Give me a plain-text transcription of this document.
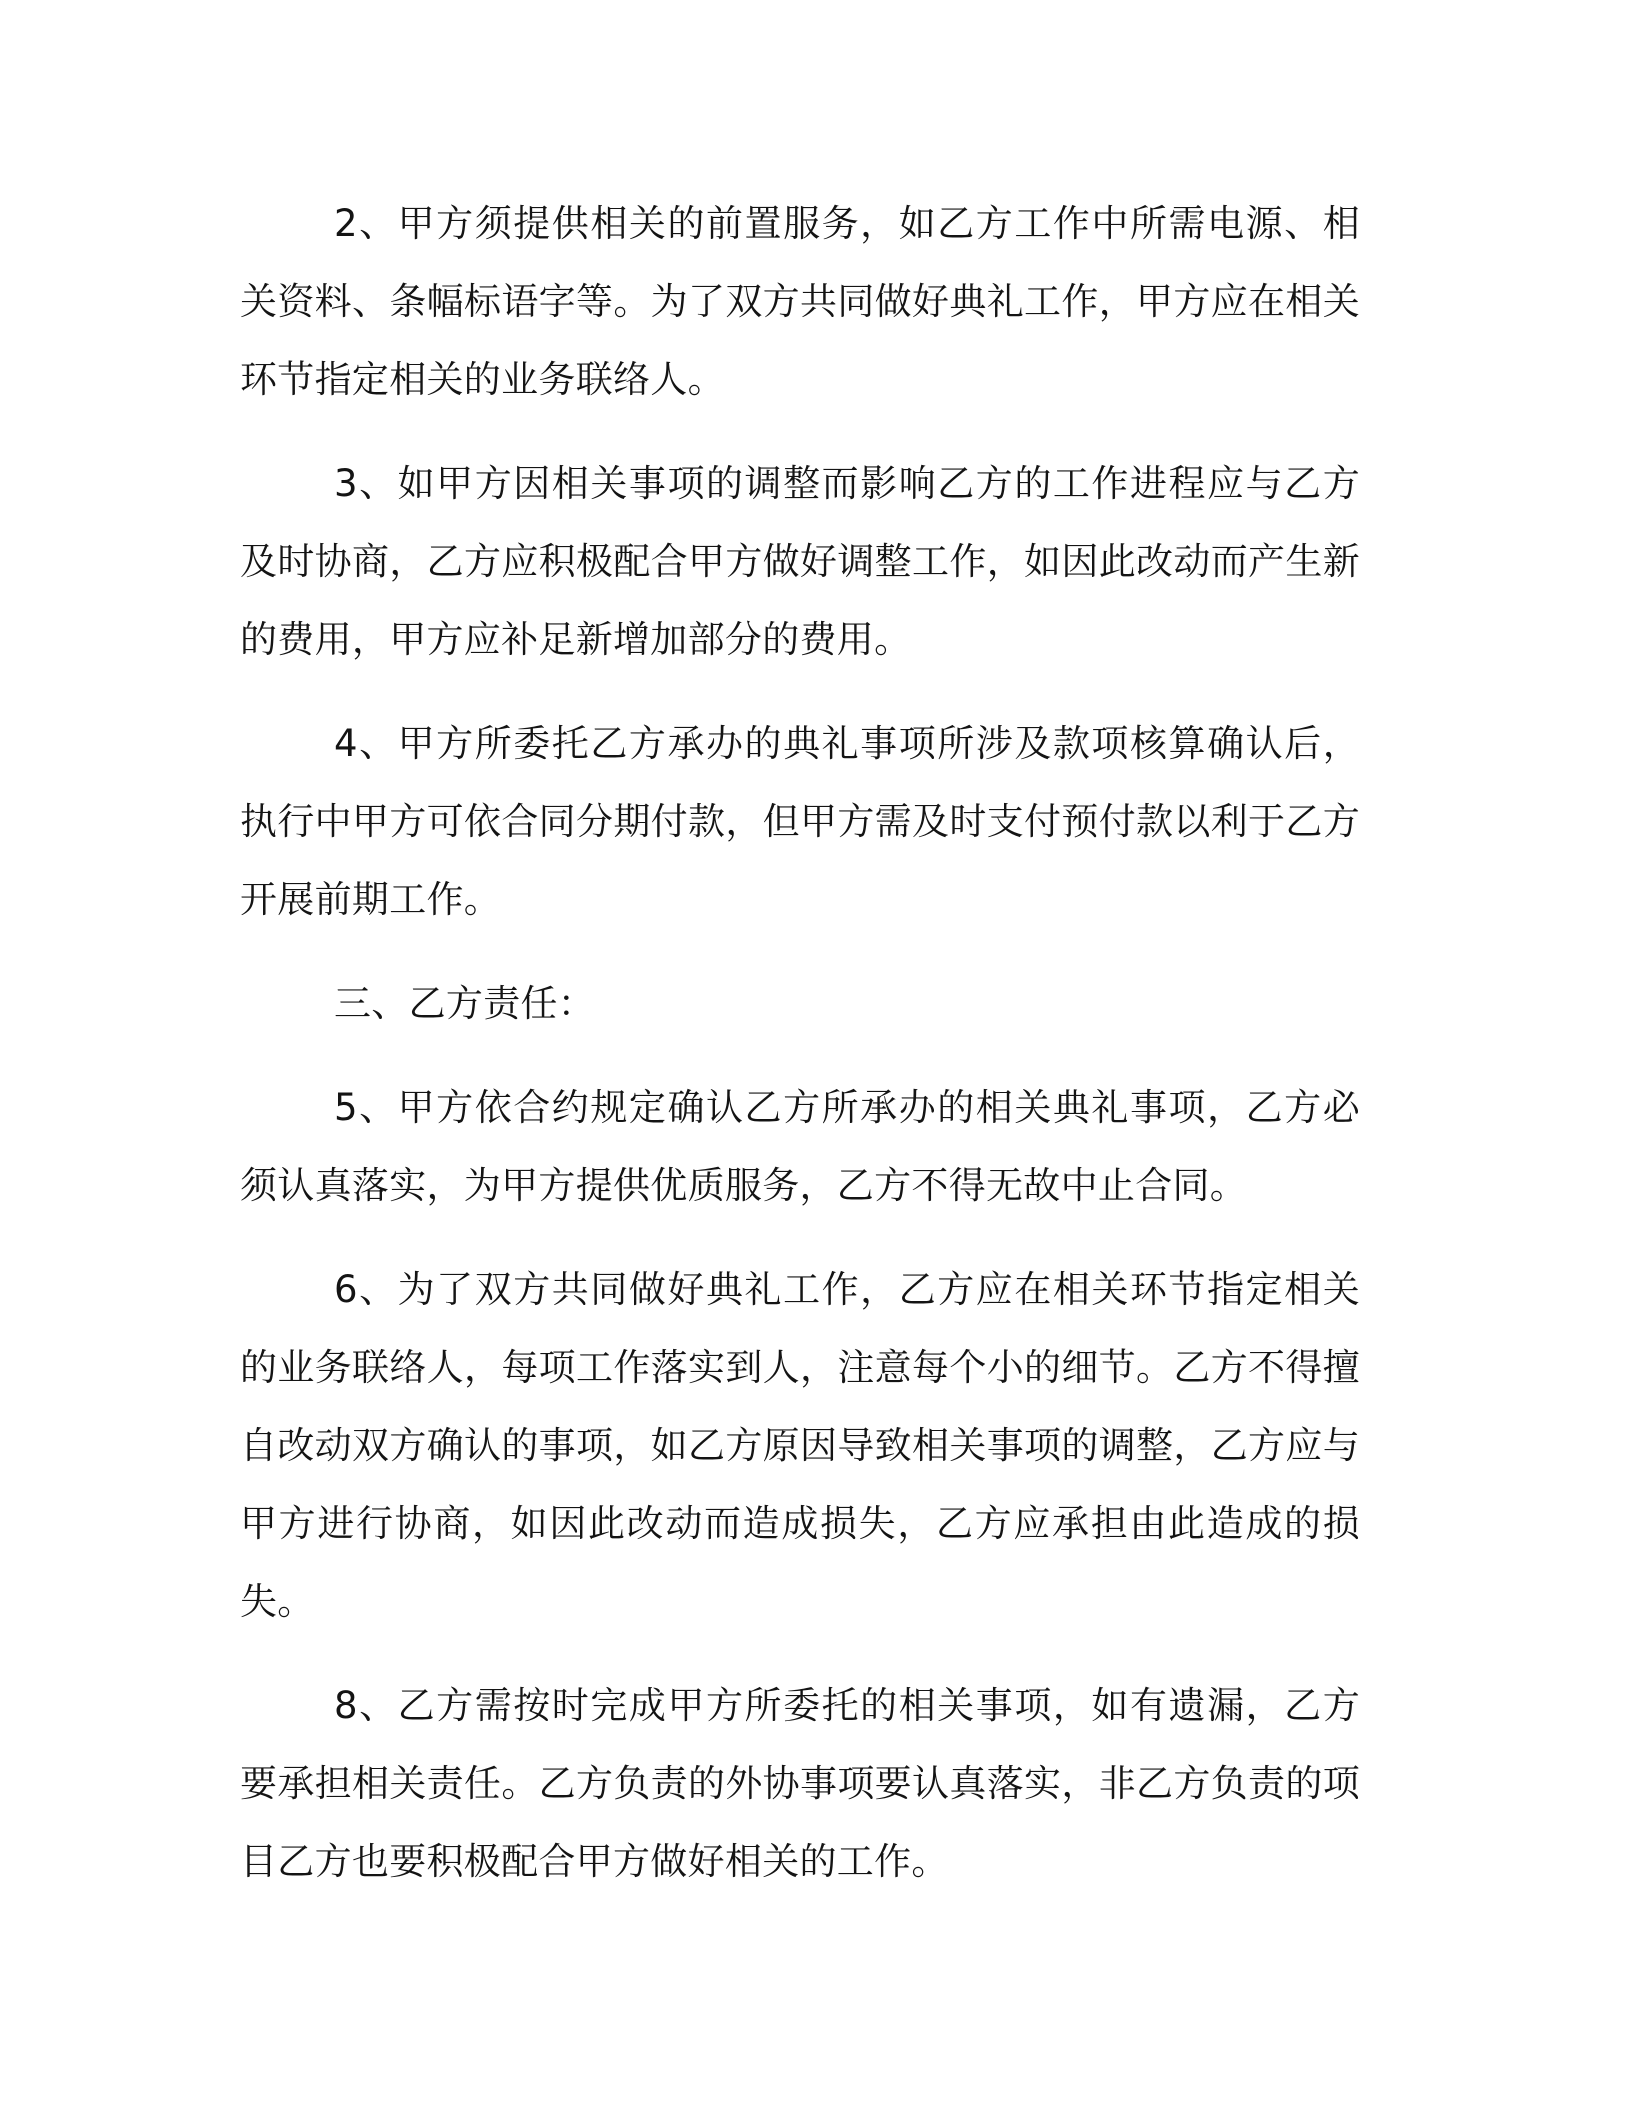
2、甲方须提供相关的前置服务，如乙方工作中所需电源、相关资料、条幅标语字等。为了双方共同做好典礼工作，甲方应在相关环节指定相关的业务联络人。

3、如甲方因相关事项的调整而影响乙方的工作进程应与乙方及时协商，乙方应积极配合甲方做好调整工作，如因此改动而产生新的费用，甲方应补足新增加部分的费用。

4、甲方所委托乙方承办的典礼事项所涉及款项核算确认后，执行中甲方可依合同分期付款，但甲方需及时支付预付款以利于乙方开展前期工作。

三、乙方责任：

5、甲方依合约规定确认乙方所承办的相关典礼事项，乙方必须认真落实，为甲方提供优质服务，乙方不得无故中止合同。

6、为了双方共同做好典礼工作，乙方应在相关环节指定相关的业务联络人，每项工作落实到人，注意每个小的细节。乙方不得擅自改动双方确认的事项，如乙方原因导致相关事项的调整，乙方应与甲方进行协商，如因此改动而造成损失，乙方应承担由此造成的损失。

8、乙方需按时完成甲方所委托的相关事项，如有遗漏，乙方要承担相关责任。乙方负责的外协事项要认真落实，非乙方负责的项目乙方也要积极配合甲方做好相关的工作。
